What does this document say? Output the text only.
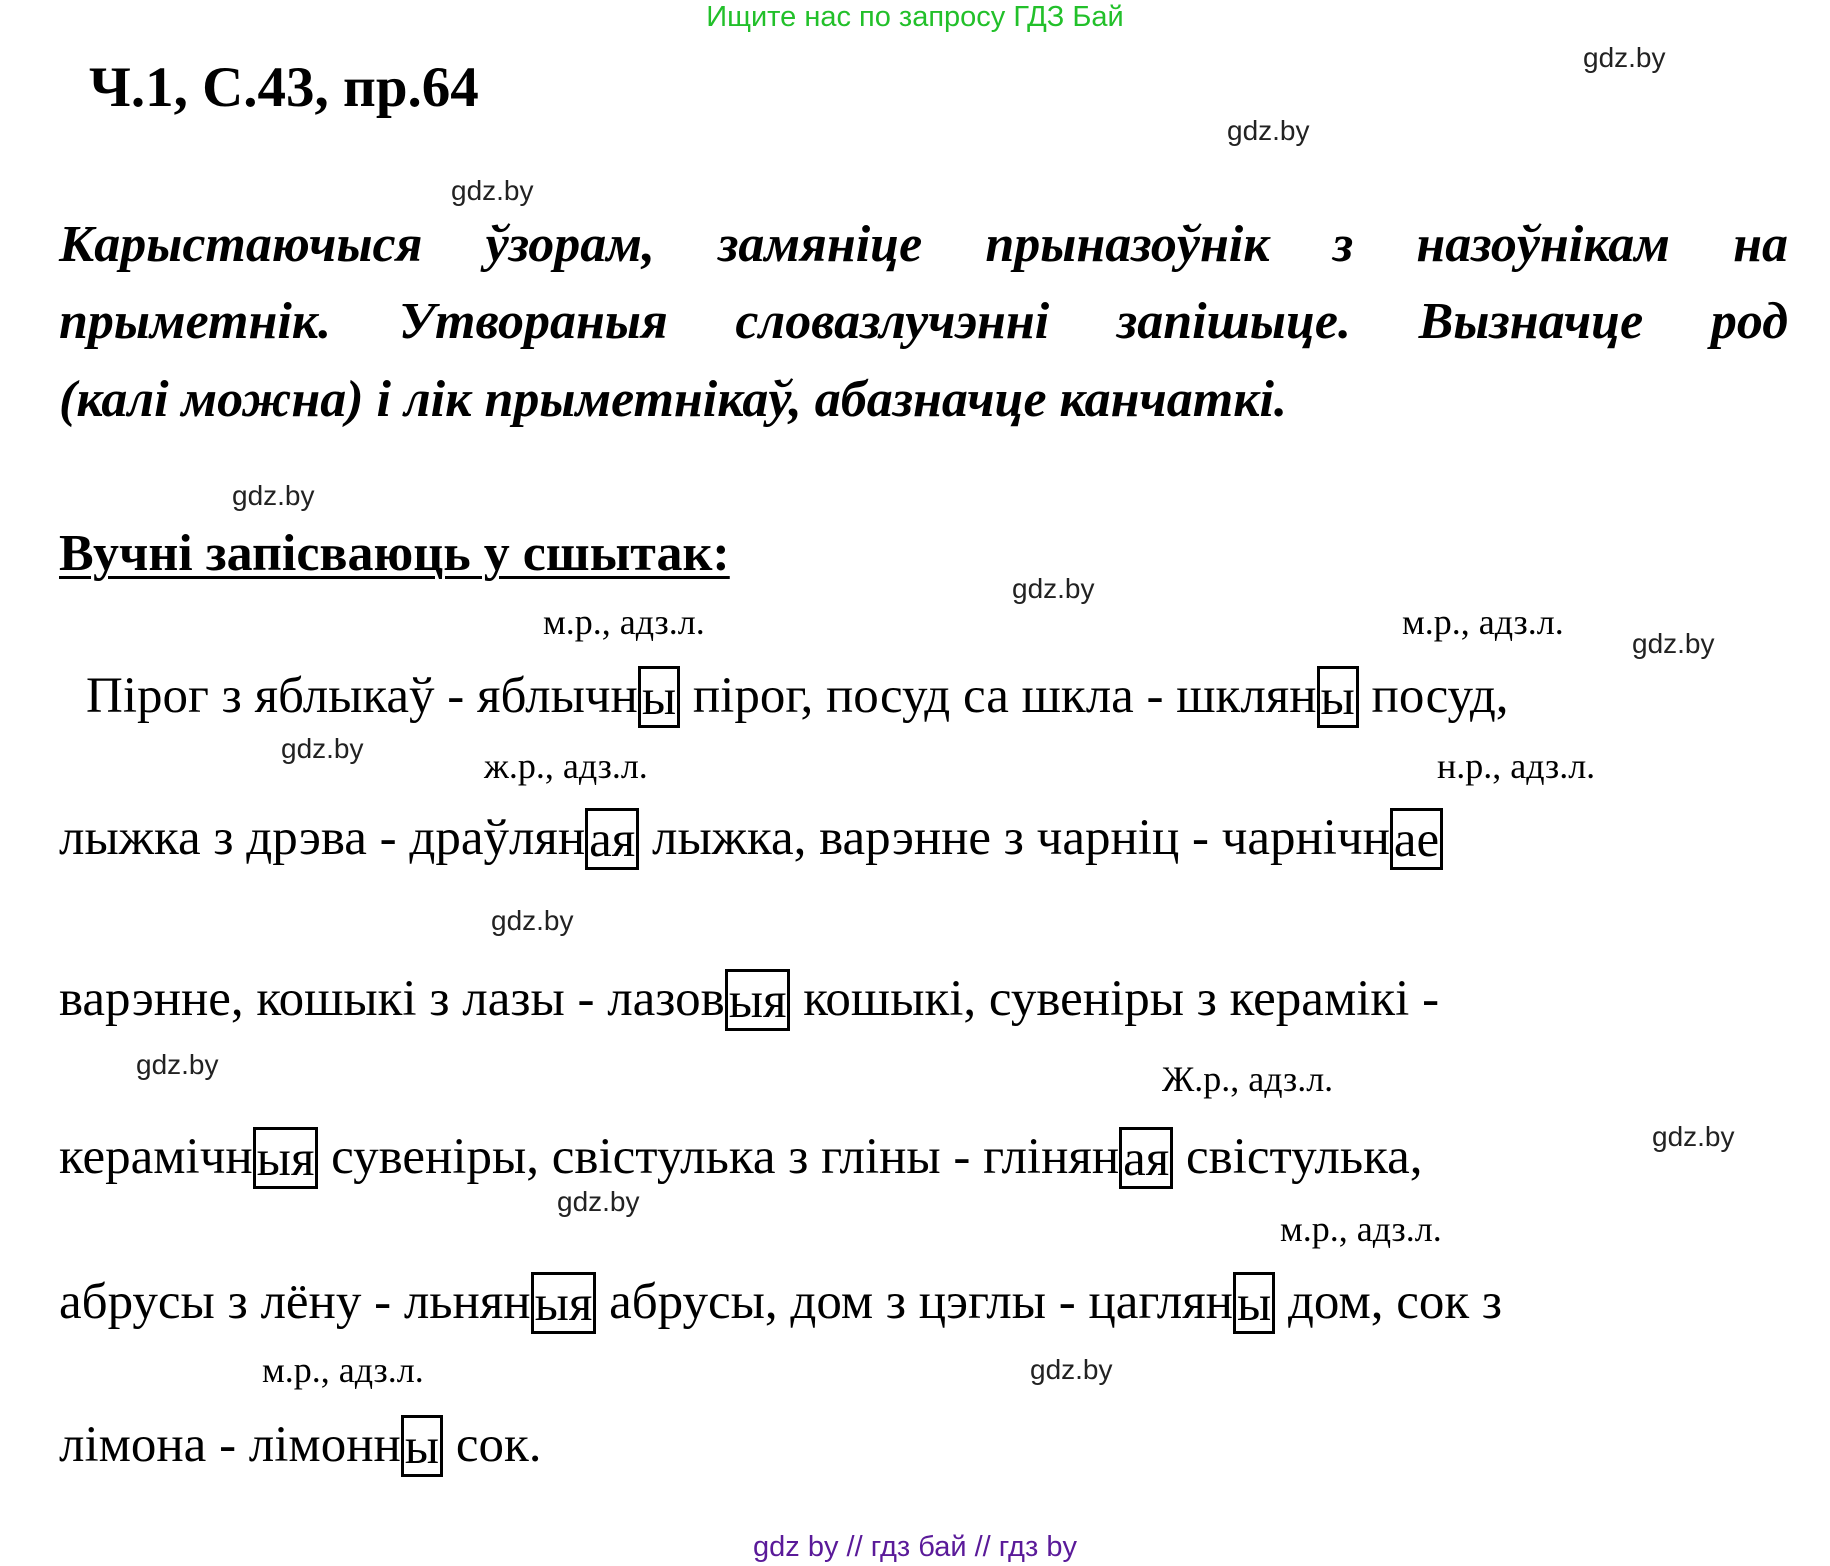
Ищите нас по запросу ГДЗ Бай
Ч.1, С.43, пр.64
Карыстаючыся ўзорам, замяніце прыназоўнік з назоўнікам на
прыметнік. Утвораныя словазлучэнні запішыце. Вызначце род
(калі можна) і лік прыметнікаў, абазначце канчаткі.
Вучні запісваюць у сшытак:
gdz.by
gdz.by
gdz.by
gdz.by
gdz.by
gdz.by
gdz.by
gdz.by
gdz.by
gdz.by
gdz.by
gdz.by
м.р., адз.л.	м.р., адз.л.
ж.р., адз.л.	н.р., адз.л.
Ж.р., адз.л.
м.р., адз.л.
м.р., адз.л.
Пірог з яблыкаў - яблычны пірог, посуд са шкла - шкляны посуд,
лыжка з дрэва - драўляная лыжка, варэнне з чарніц - чарнічнае
варэнне, кошыкі з лазы - лазовыя кошыкі, сувеніры з керамікі -
керамічныя сувеніры, свістулька з гліны - гліняная свістулька,
абрусы з лёну - льняныя абрусы, дом з цэглы - цагляны дом, сок з
лімона - лімонны сок.
gdz by // гдз бай // гдз by
